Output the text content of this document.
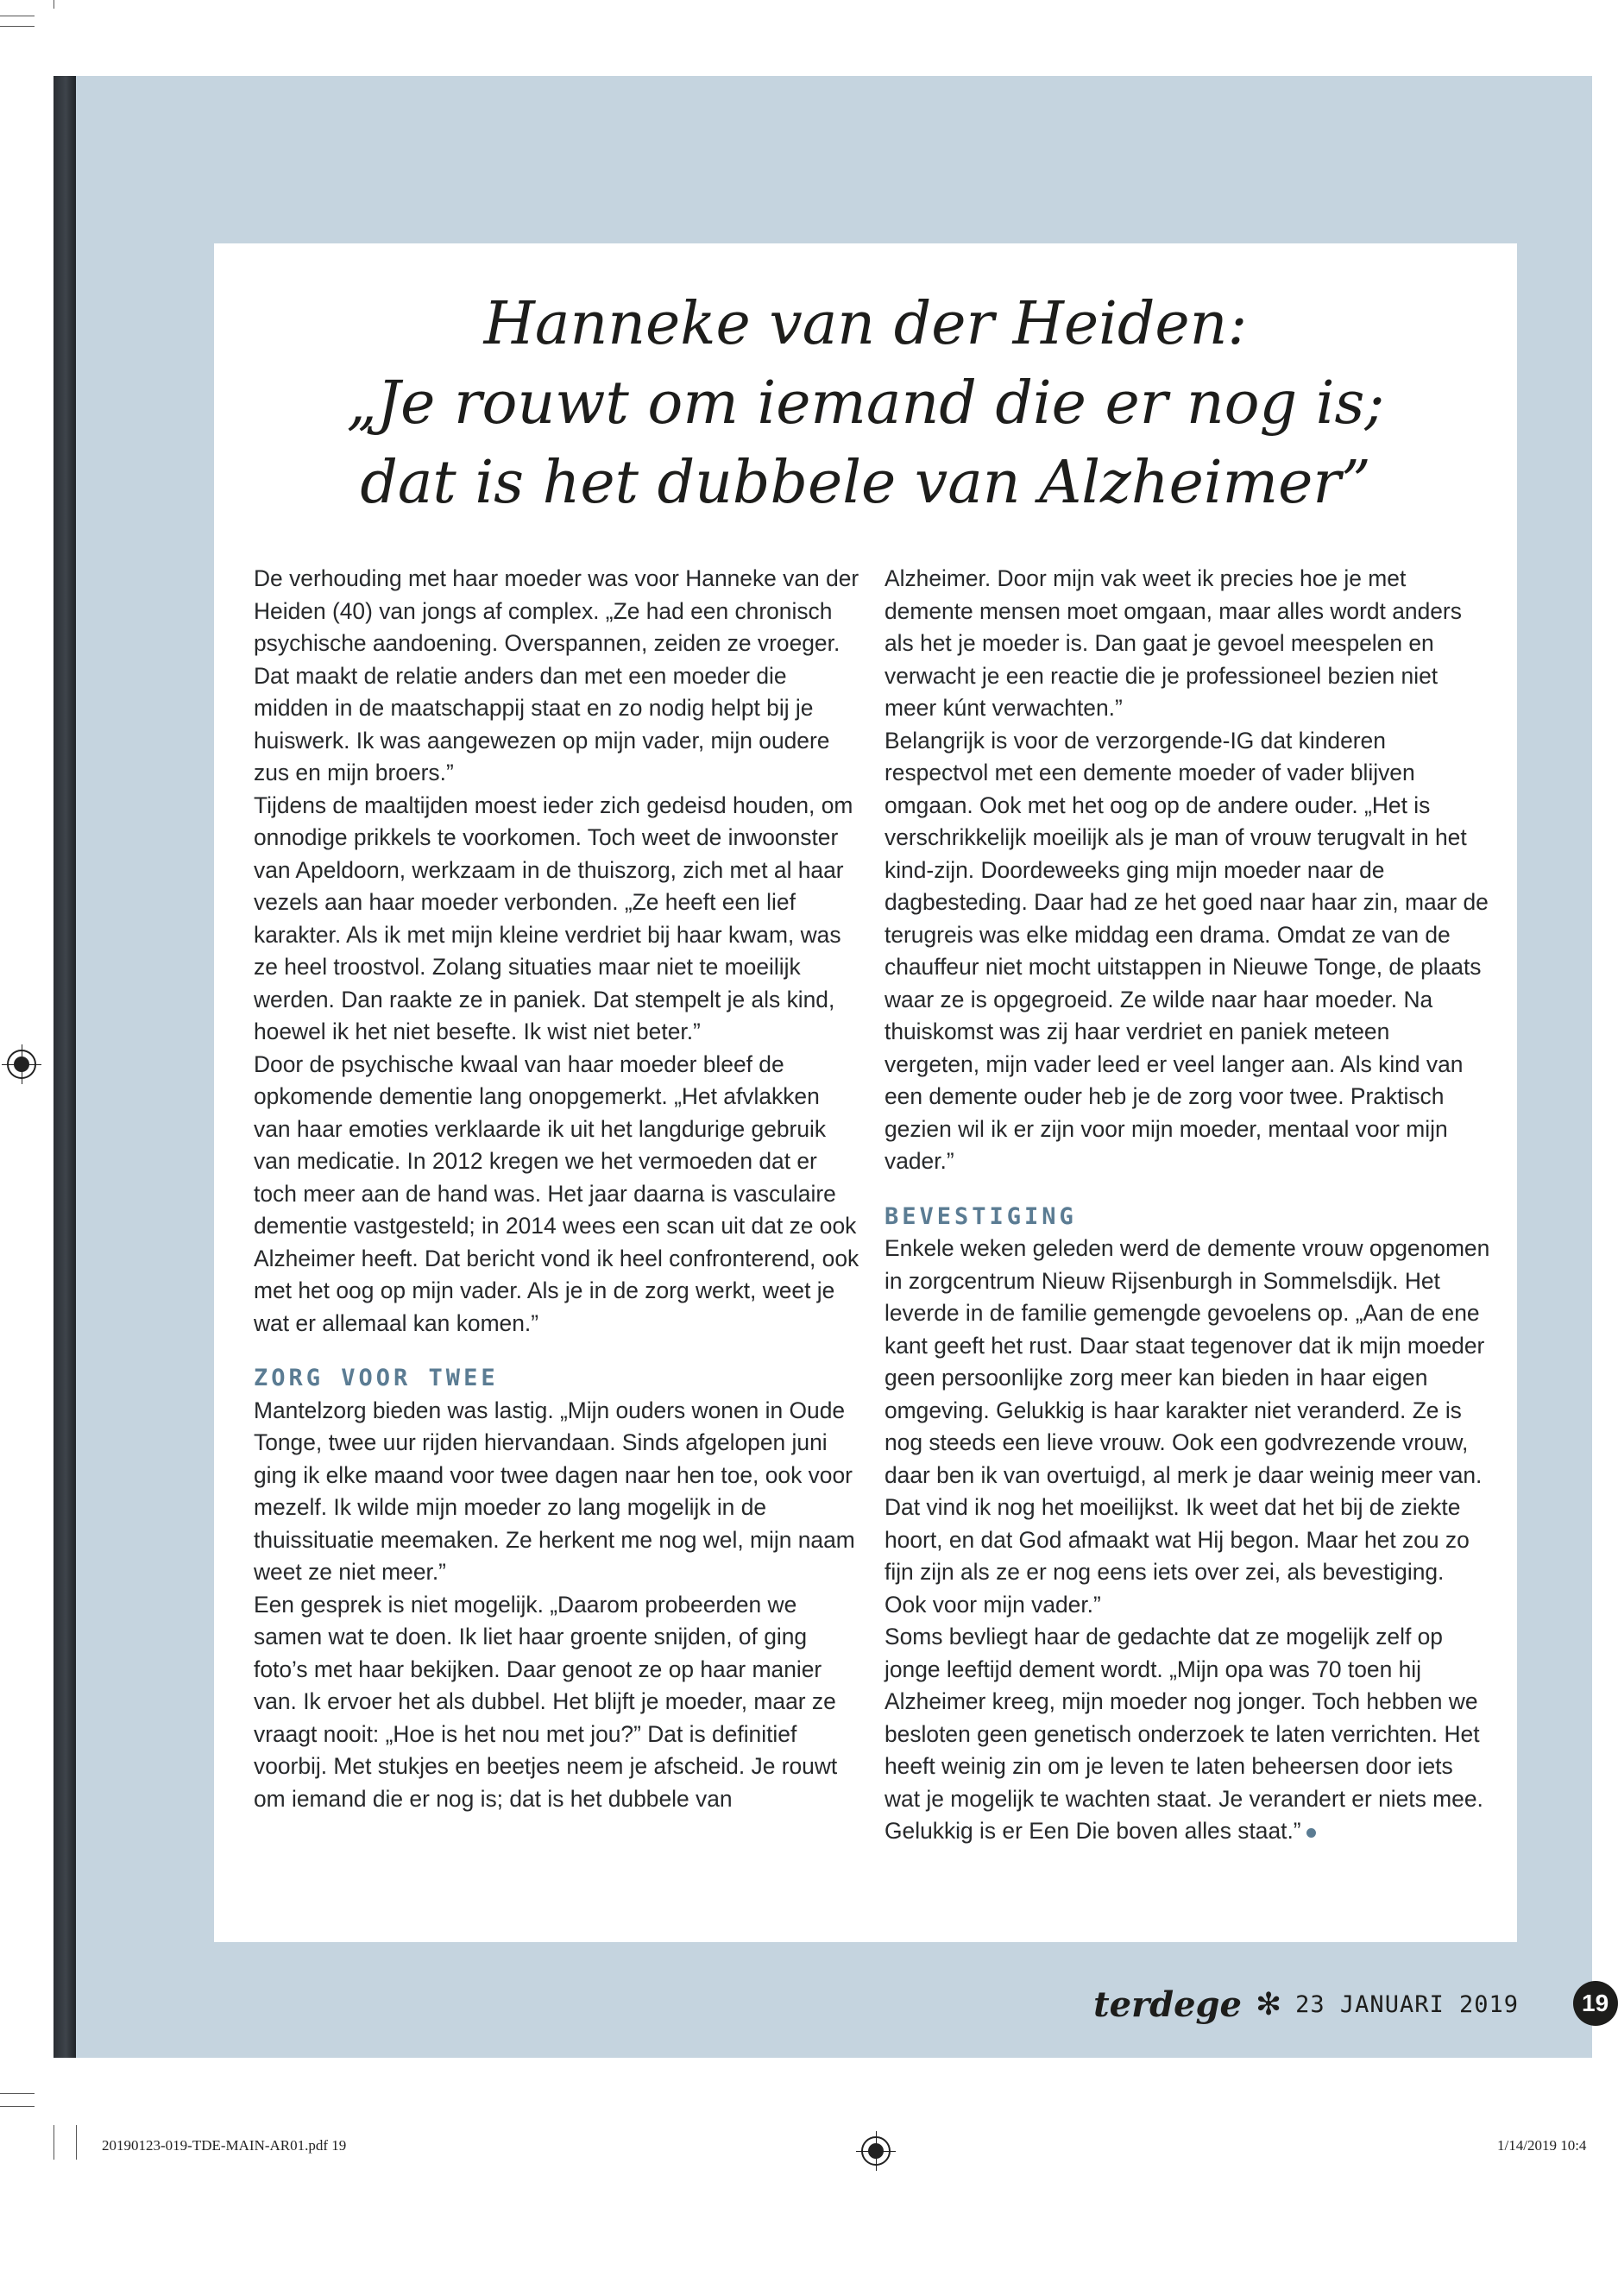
Hanneke van der Heiden:
„Je rouwt om iemand die er nog is;
dat is het dubbele van Alzheimer”

De verhouding met haar moeder was voor Hanneke van der Heiden (40) van jongs af complex. „Ze had een chronisch psychische aandoening. Overspannen, zeiden ze vroeger. Dat maakt de relatie anders dan met een moeder die midden in de maatschappij staat en zo nodig helpt bij je huiswerk. Ik was aangewezen op mijn vader, mijn oudere zus en mijn broers.”

Tijdens de maaltijden moest ieder zich gedeisd houden, om onnodige prikkels te voorkomen. Toch weet de inwoonster van Apeldoorn, werkzaam in de thuiszorg, zich met al haar vezels aan haar moeder verbonden. „Ze heeft een lief karakter. Als ik met mijn kleine verdriet bij haar kwam, was ze heel troostvol. Zolang situaties maar niet te moeilijk werden. Dan raakte ze in paniek. Dat stempelt je als kind, hoewel ik het niet besefte. Ik wist niet beter.”

Door de psychische kwaal van haar moeder bleef de opkomende dementie lang onopgemerkt. „Het afvlakken van haar emoties verklaarde ik uit het langdurige gebruik van medicatie. In 2012 kregen we het vermoeden dat er toch meer aan de hand was. Het jaar daarna is vasculaire dementie vastgesteld; in 2014 wees een scan uit dat ze ook Alzheimer heeft. Dat bericht vond ik heel confronterend, ook met het oog op mijn vader. Als je in de zorg werkt, weet je wat er allemaal kan komen.”

ZORG VOOR TWEE

Mantelzorg bieden was lastig. „Mijn ouders wonen in Oude Tonge, twee uur rijden hiervandaan. Sinds afgelopen juni ging ik elke maand voor twee dagen naar hen toe, ook voor mezelf. Ik wilde mijn moeder zo lang mogelijk in de thuissituatie meemaken. Ze herkent me nog wel, mijn naam weet ze niet meer.”

Een gesprek is niet mogelijk. „Daarom probeerden we samen wat te doen. Ik liet haar groente snijden, of ging foto’s met haar bekijken. Daar genoot ze op haar manier van. Ik ervoer het als dubbel. Het blijft je moeder, maar ze vraagt nooit: „Hoe is het nou met jou?” Dat is definitief voorbij. Met stukjes en beetjes neem je afscheid. Je rouwt om iemand die er nog is; dat is het dubbele van

Alzheimer. Door mijn vak weet ik precies hoe je met demente mensen moet omgaan, maar alles wordt anders als het je moeder is. Dan gaat je gevoel meespelen en verwacht je een reactie die je professioneel bezien niet meer kúnt verwachten.”

Belangrijk is voor de verzorgende-IG dat kinderen respectvol met een demente moeder of vader blijven omgaan. Ook met het oog op de andere ouder. „Het is verschrikkelijk moeilijk als je man of vrouw terugvalt in het kind-zijn. Doordeweeks ging mijn moeder naar de dagbesteding. Daar had ze het goed naar haar zin, maar de terugreis was elke middag een drama. Omdat ze van de chauffeur niet mocht uitstappen in Nieuwe Tonge, de plaats waar ze is opgegroeid. Ze wilde naar haar moeder. Na thuiskomst was zij haar verdriet en paniek meteen vergeten, mijn vader leed er veel langer aan. Als kind van een demente ouder heb je de zorg voor twee. Praktisch gezien wil ik er zijn voor mijn moeder, mentaal voor mijn vader.”

BEVESTIGING

Enkele weken geleden werd de demente vrouw opgenomen in zorgcentrum Nieuw Rijsenburgh in Sommelsdijk. Het leverde in de familie gemengde gevoelens op. „Aan de ene kant geeft het rust. Daar staat tegenover dat ik mijn moeder geen persoonlijke zorg meer kan bieden in haar eigen omgeving. Gelukkig is haar karakter niet veranderd. Ze is nog steeds een lieve vrouw. Ook een godvrezende vrouw, daar ben ik van overtuigd, al merk je daar weinig meer van. Dat vind ik nog het moeilijkst. Ik weet dat het bij de ziekte hoort, en dat God afmaakt wat Hij begon. Maar het zou zo fijn zijn als ze er nog eens iets over zei, als bevestiging. Ook voor mijn vader.”

Soms bevliegt haar de gedachte dat ze mogelijk zelf op jonge leeftijd dement wordt. „Mijn opa was 70 toen hij Alzheimer kreeg, mijn moeder nog jonger. Toch hebben we besloten geen genetisch onderzoek te laten verrichten. Het heeft weinig zin om je leven te laten beheersen door iets wat je mogelijk te wachten staat. Je verandert er niets mee. Gelukkig is er Een Die boven alles staat.”

terdege ✻ 23 JANUARI 2019	19
20190123-019-TDE-MAIN-AR01.pdf 19	1/14/2019 10:4
